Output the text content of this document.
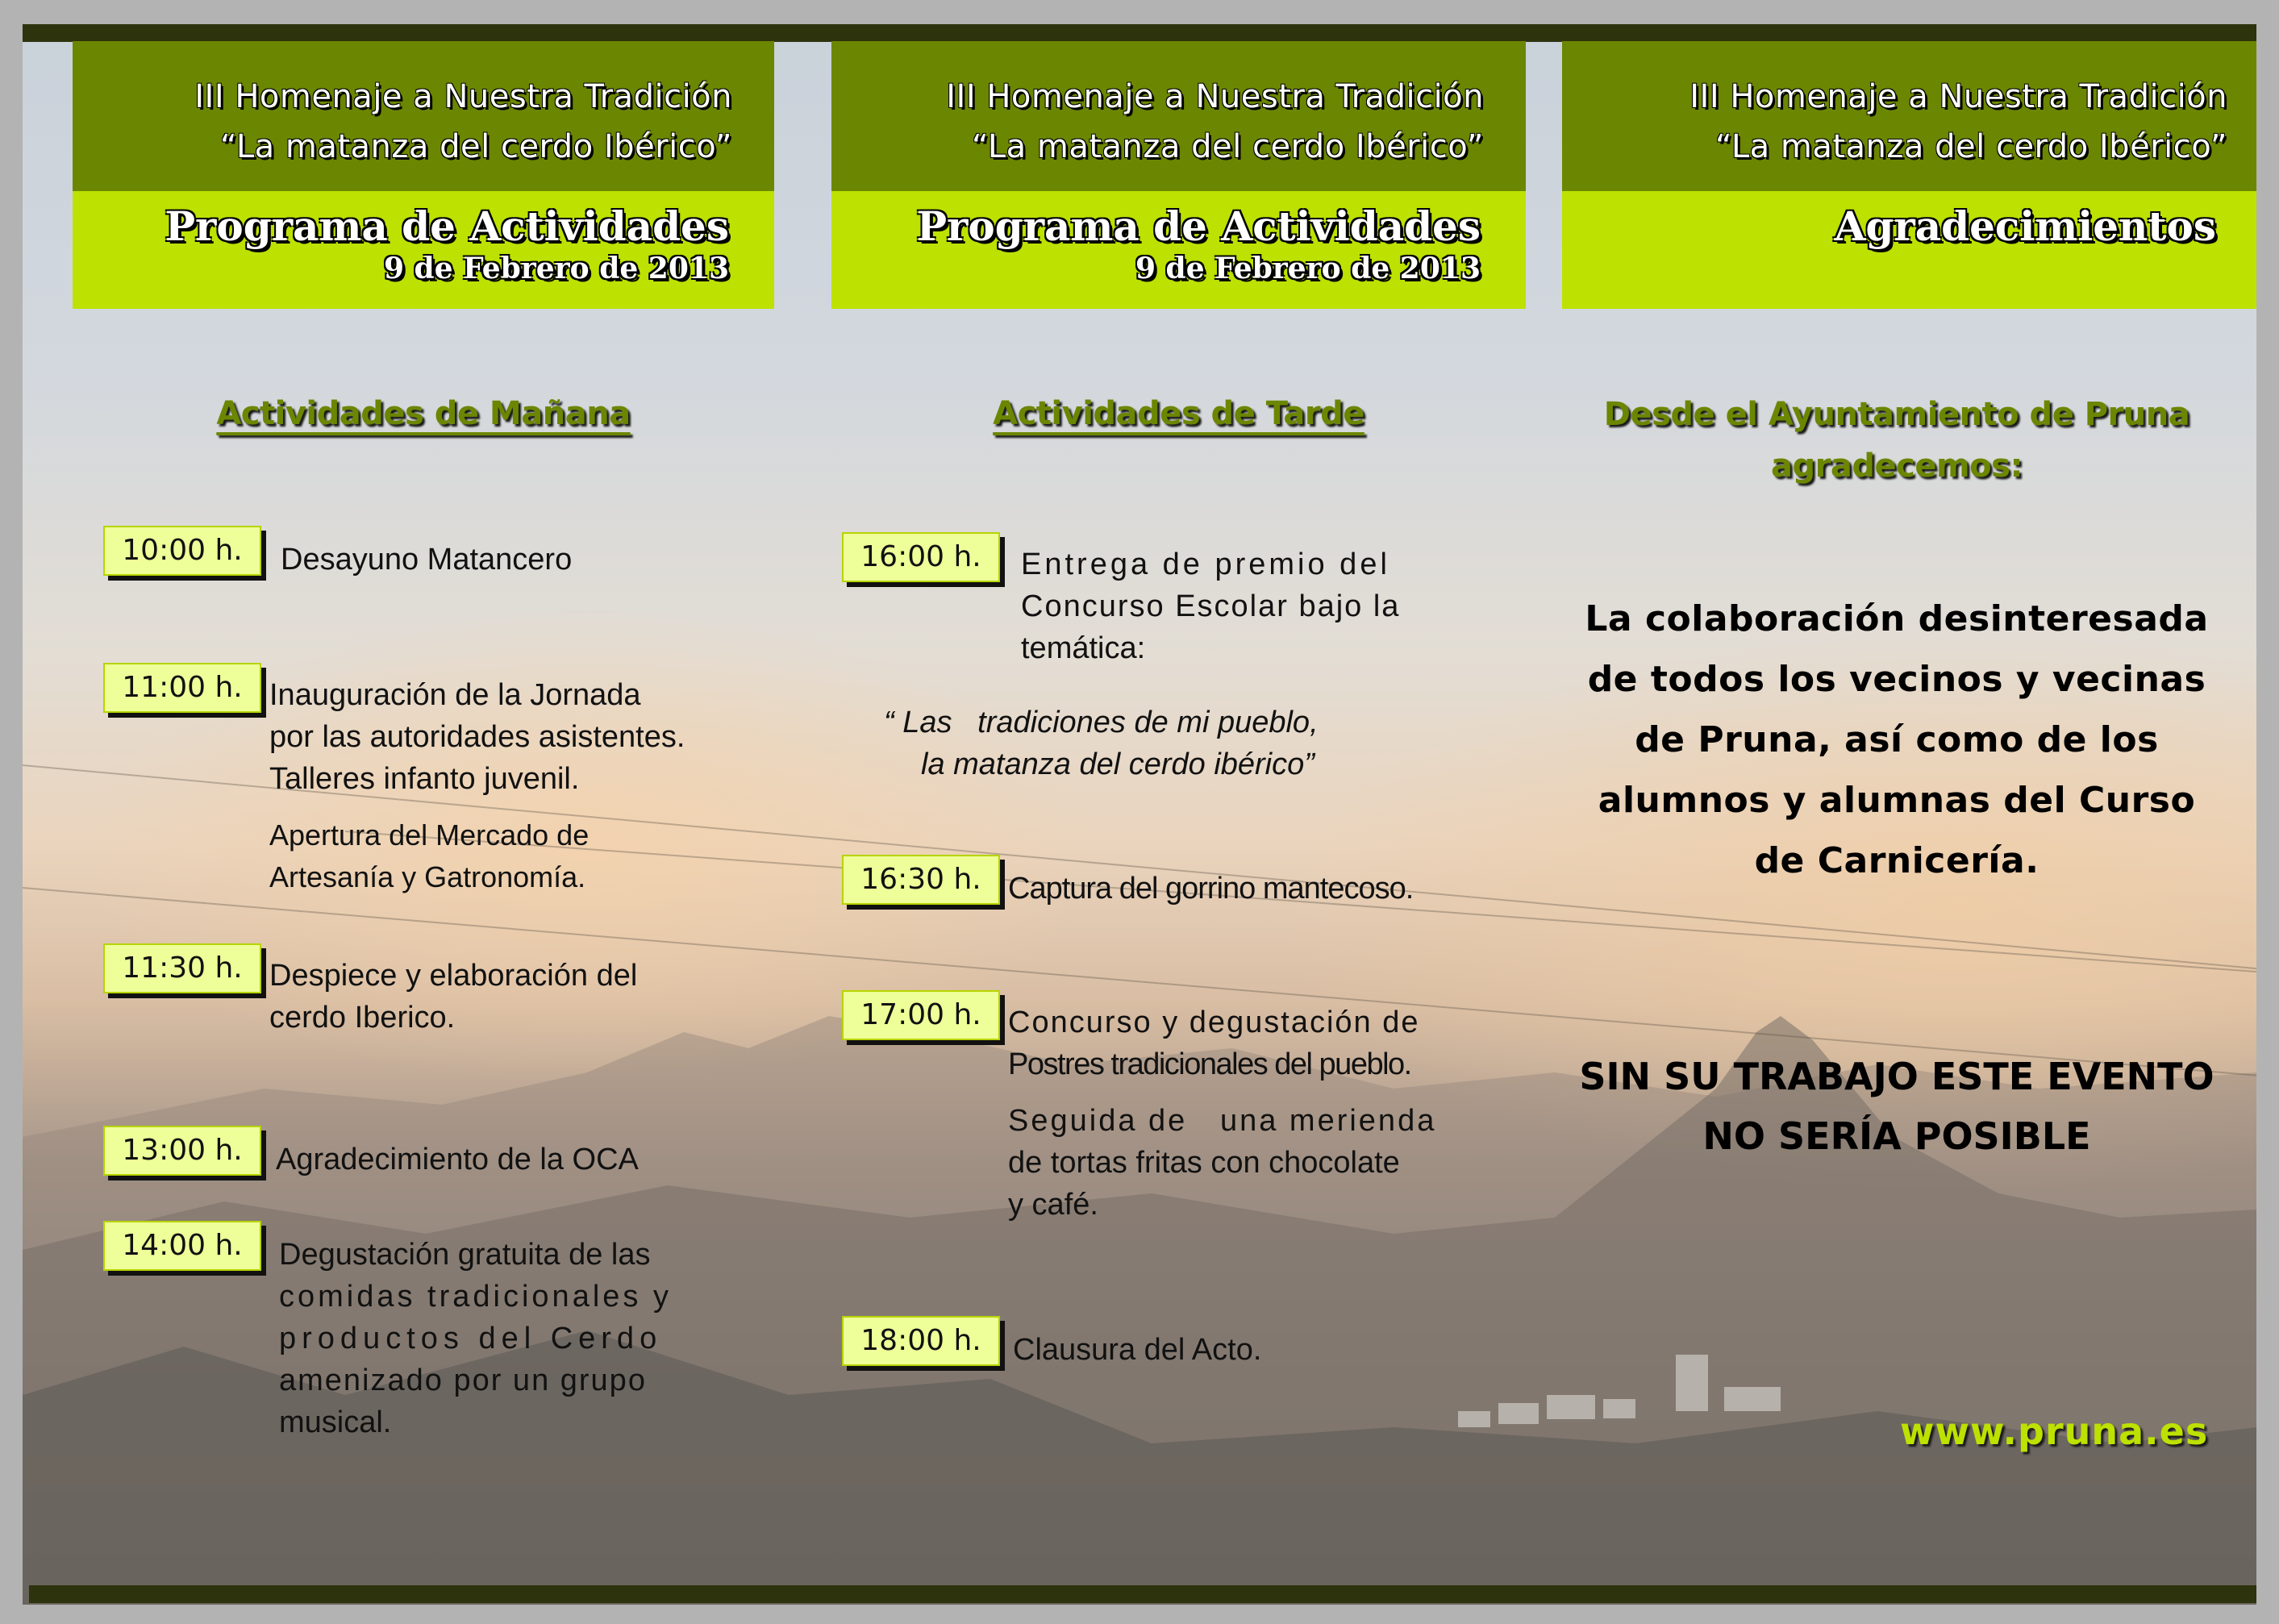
III Homenaje a Nuestra Tradición
“La matanza del cerdo Ibérico”
Programa de Actividades
9 de Febrero de 2013
III Homenaje a Nuestra Tradición
“La matanza del cerdo Ibérico”
Programa de Actividades
9 de Febrero de 2013
III Homenaje a Nuestra Tradición
“La matanza del cerdo Ibérico”
Agradecimientos
Actividades de Mañana
10:00 h.	Desayuno Matancero

11:00 h. Inauguración de la Jornada

por las autoridades asistentes.

Talleres infanto juvenil.

Apertura del Mercado de

Artesanía y Gatronomía.

11:30 h. Despiece y elaboración del

cerdo Iberico.

13:00 h.	Agradecimiento de la OCA

14:00 h.	Degustación gratuita de las

comidas tradicionales y

productos del Cerdo

amenizado por un grupo

musical.

Actividades de Tarde
16:00 h.	Entrega de premio del

Concurso Escolar bajo la

temática:

“ Las   tradiciones de mi pueblo,

la matanza del cerdo ibérico”

16:30 h. Captura del gorrino mantecoso.

17:00 h. Concurso y degustación de

Postres tradicionales del pueblo.

Seguida de   una merienda

de tortas fritas con chocolate

y café.

18:00 h.	Clausura del Acto.

Desde el Ayuntamiento de Pruna
agradecemos:
La colaboración desinteresada
de todos los vecinos y vecinas
de Pruna, así como de los
alumnos y alumnas del Curso
de Carnicería.
SIN SU TRABAJO ESTE EVENTO
NO SERÍA POSIBLE
www.pruna.es
